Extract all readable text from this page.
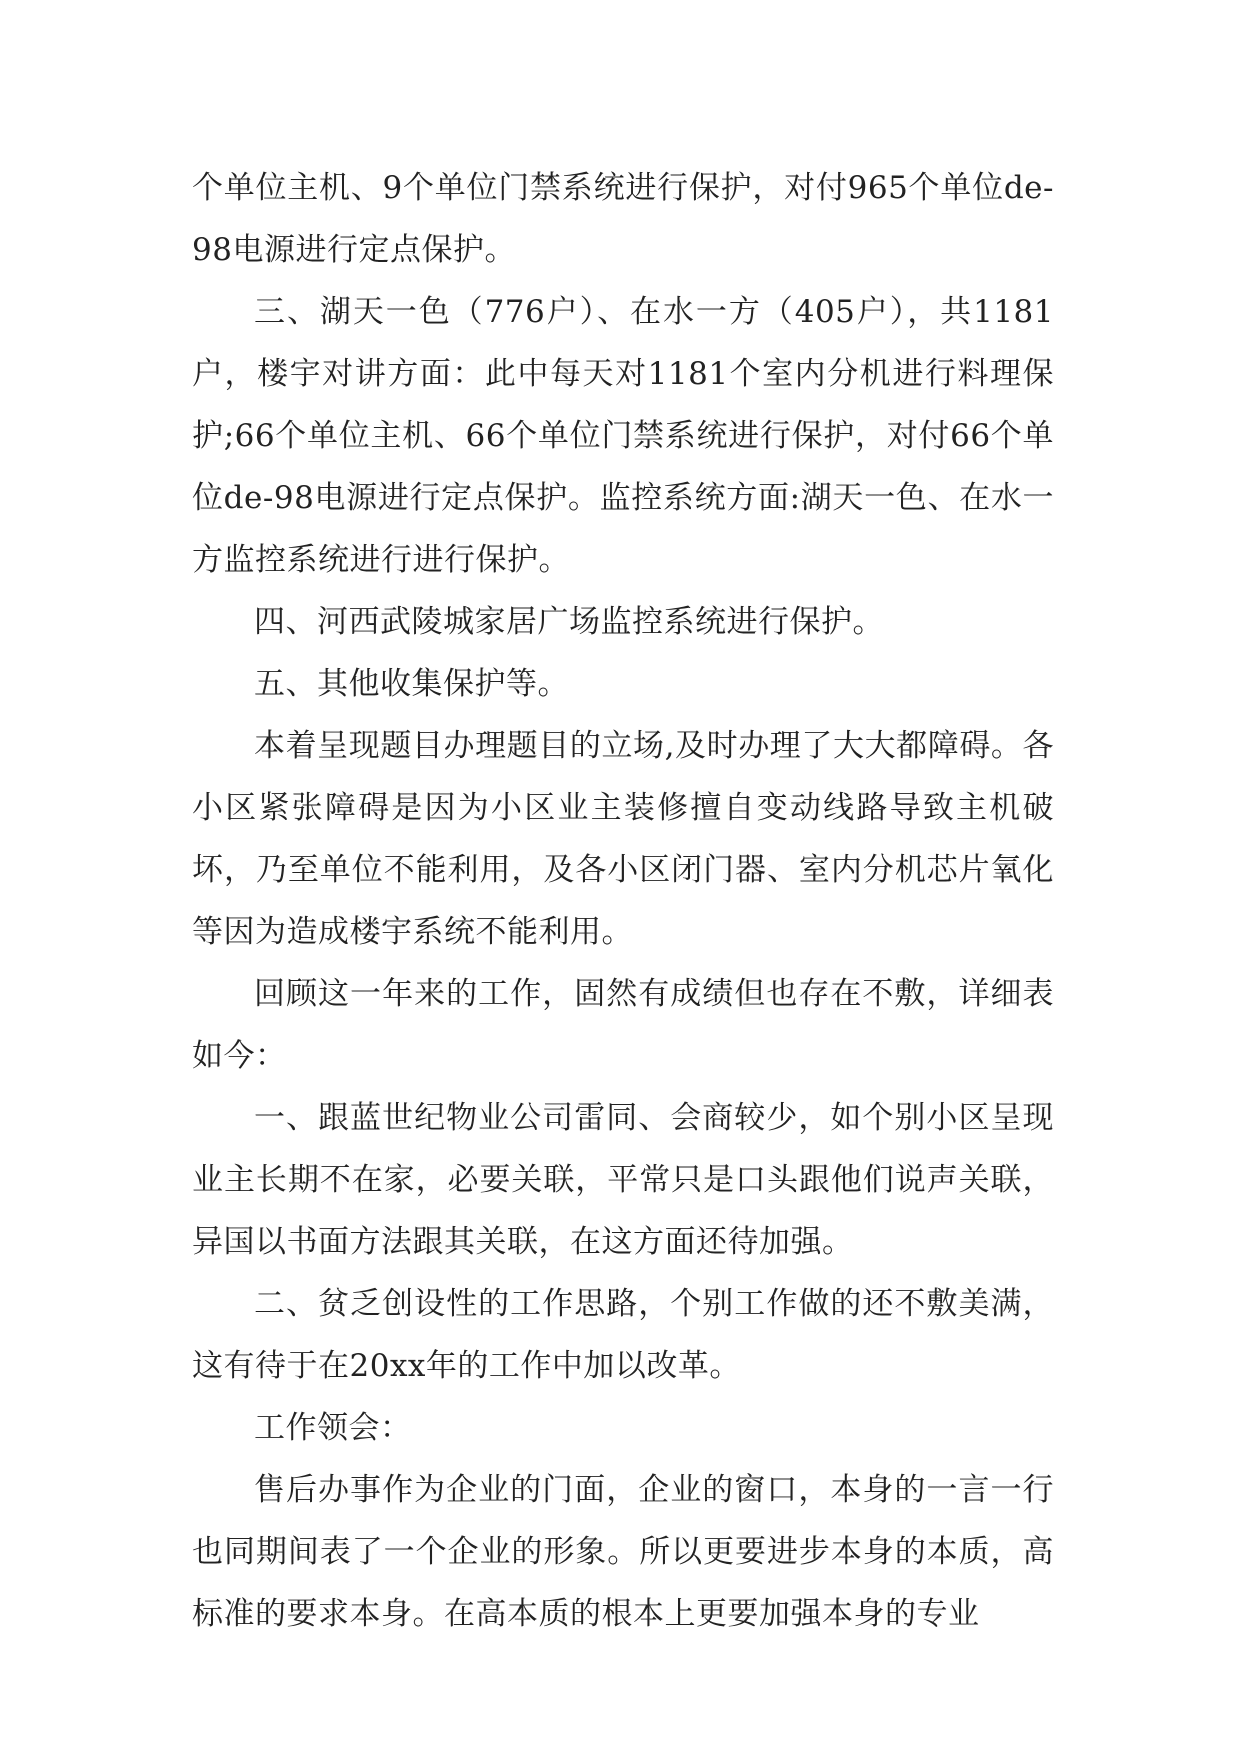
个单位主机、9个单位门禁系统进行保护，对付965个单位de-98电源进行定点保护。

三、湖天一色（776户）、在水一方（405户），共1181户，楼宇对讲方面：此中每天对1181个室内分机进行料理保护;66个单位主机、66个单位门禁系统进行保护，对付66个单位de-98电源进行定点保护。监控系统方面:湖天一色、在水一方监控系统进行进行保护。

四、河西武陵城家居广场监控系统进行保护。

五、其他收集保护等。

本着呈现题目办理题目的立场,及时办理了大大都障碍。各小区紧张障碍是因为小区业主装修擅自变动线路导致主机破坏，乃至单位不能利用，及各小区闭门器、室内分机芯片氧化等因为造成楼宇系统不能利用。

回顾这一年来的工作，固然有成绩但也存在不敷，详细表如今：

一、跟蓝世纪物业公司雷同、会商较少，如个别小区呈现业主长期不在家，必要关联，平常只是口头跟他们说声关联，异国以书面方法跟其关联，在这方面还待加强。

二、贫乏创设性的工作思路，个别工作做的还不敷美满，这有待于在20xx年的工作中加以改革。

工作领会：

售后办事作为企业的门面，企业的窗口，本身的一言一行也同期间表了一个企业的形象。所以更要进步本身的本质，高标准的要求本身。在高本质的根本上更要加强本身的专业
